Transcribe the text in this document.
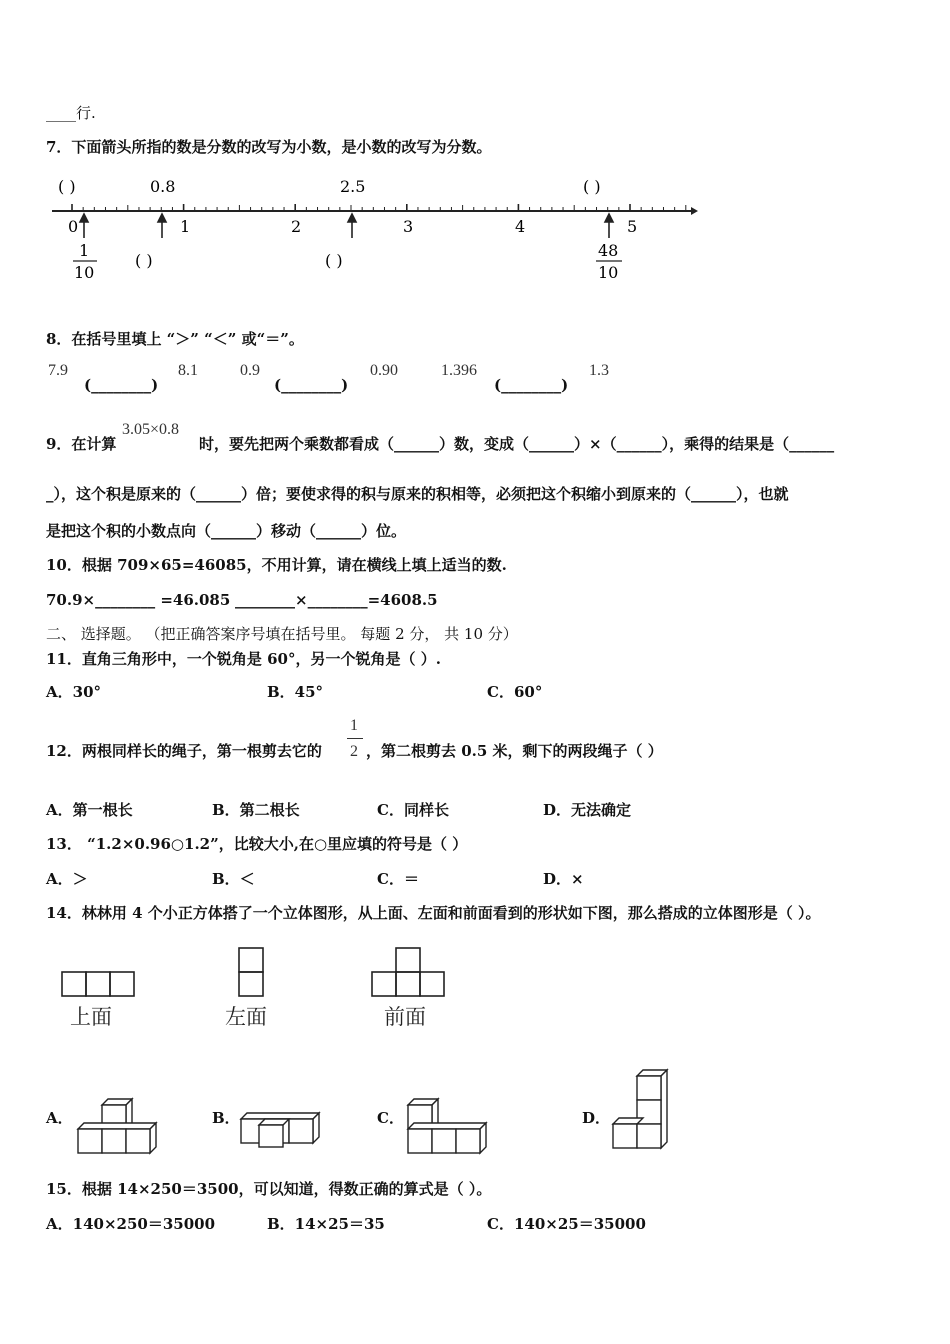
____行.
7．下面箭头所指的数是分数的改写为小数，是小数的改写为分数。
( )	0.8	2.5	( )
0	1	2	3	4	5
1
10
( )	( )
48
10
8．在括号里填上 “＞” “＜” 或“＝”。
7.9
(________)
8.1	0.9
(________)
0.90	1.396
(________)
1.3
9．在计算
3.05×0.8
时，要先把两个乘数都看成（______）数，变成（______）×（______），乘得的结果是（______
_），这个积是原来的（______）倍；要使求得的积与原来的积相等，必须把这个积缩小到原来的（______），也就
是把这个积的小数点向（______）移动（______）位。
10．根据 709×65=46085，不用计算，请在横线上填上适当的数.
70.9×________ =46.085 ________×________=4608.5
二、 选择题。 （把正确答案序号填在括号里。 每题 2 分， 共 10 分）
11．直角三角形中，一个锐角是 60°，另一个锐角是（ ）.
A．30°	B．45°	C．60°
12．两根同样长的绳子，第一根剪去它的
1
2 ，第二根剪去 0.5 米，剩下的两段绳子（ ）
A．第一根长	B．第二根长	C．同样长	D．无法确定
13． “1.2×0.96○1.2”，比较大小,在○里应填的符号是（ ）
A．＞	B．＜	C．＝	D．×
14．林林用 4 个小正方体搭了一个立体图形，从上面、左面和前面看到的形状如下图，那么搭成的立体图形是（ ）。
上面	左面	前面
A．	B．	C．	D．
15．根据 14×250＝3500，可以知道，得数正确的算式是（ ）。
A．140×250＝35000	B．14×25＝35	C．140×25＝35000
